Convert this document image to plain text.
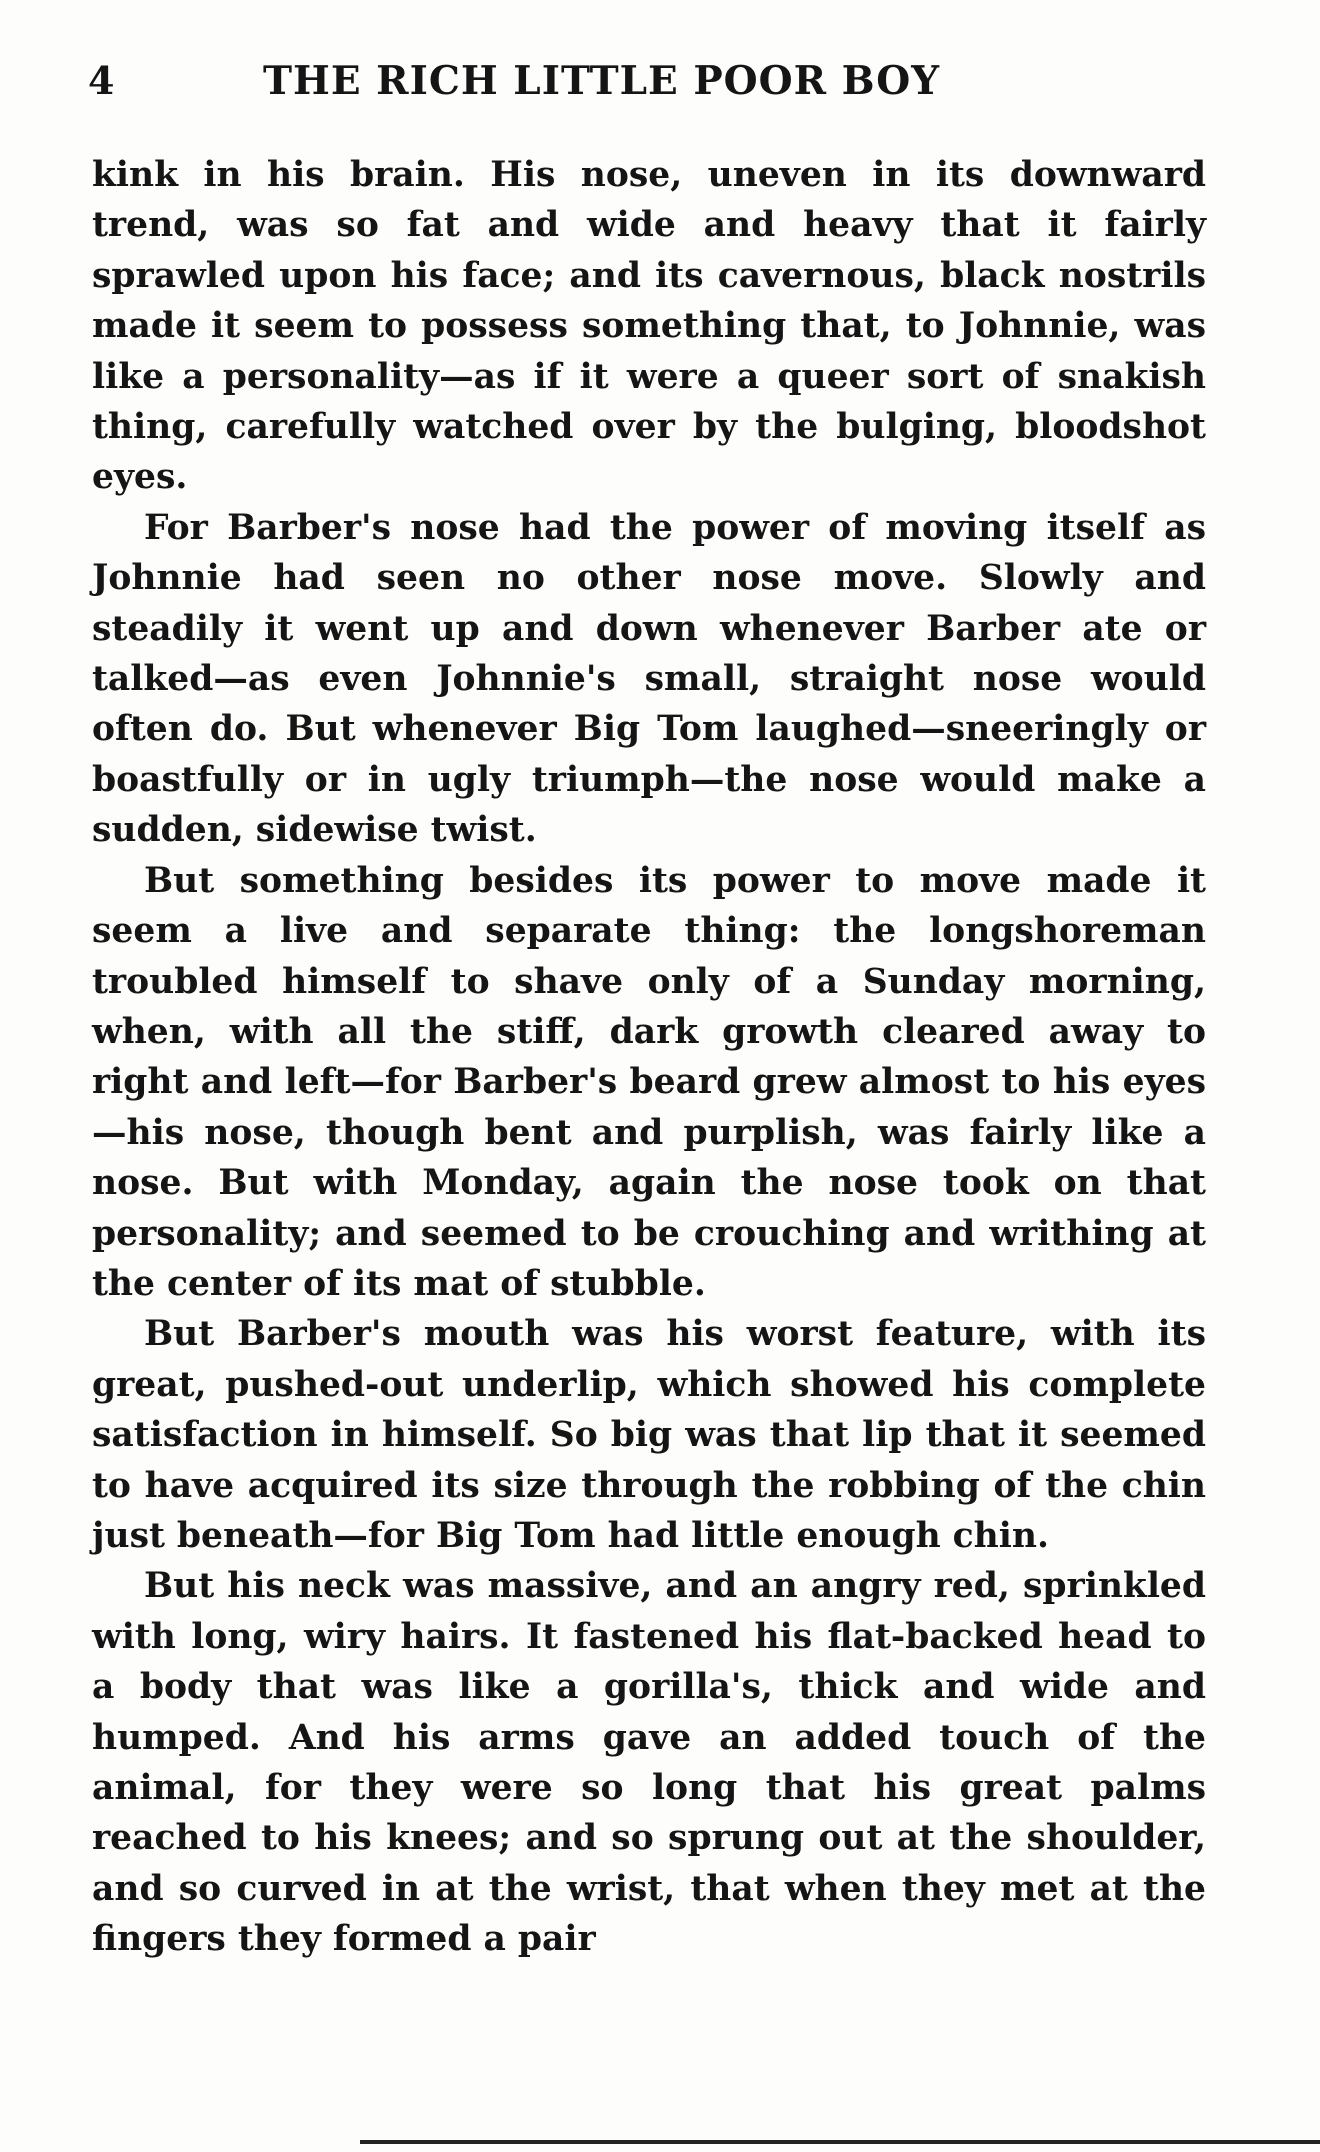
4	THE RICH LITTLE POOR BOY

kink in his brain. His nose, uneven in its downward trend, was so fat and wide and heavy that it fairly sprawled upon his face; and its cavernous, black nostrils made it seem to possess something that, to Johnnie, was like a personality—as if it were a queer sort of snakish thing, carefully watched over by the bulging, bloodshot eyes.

For Barber's nose had the power of moving itself as Johnnie had seen no other nose move. Slowly and steadily it went up and down whenever Barber ate or talked—as even Johnnie's small, straight nose would often do. But whenever Big Tom laughed—sneeringly or boastfully or in ugly triumph—the nose would make a sudden, sidewise twist.

But something besides its power to move made it seem a live and separate thing: the longshoreman troubled himself to shave only of a Sunday morning, when, with all the stiff, dark growth cleared away to right and left—for Barber's beard grew almost to his eyes—his nose, though bent and purplish, was fairly like a nose. But with Monday, again the nose took on that personality; and seemed to be crouching and writhing at the center of its mat of stubble.

But Barber's mouth was his worst feature, with its great, pushed-out underlip, which showed his complete satisfaction in himself. So big was that lip that it seemed to have acquired its size through the robbing of the chin just beneath—for Big Tom had little enough chin.

But his neck was massive, and an angry red, sprinkled with long, wiry hairs. It fastened his flat-backed head to a body that was like a gorilla's, thick and wide and humped. And his arms gave an added touch of the animal, for they were so long that his great palms reached to his knees; and so sprung out at the shoulder, and so curved in at the wrist, that when they met at the fingers they formed a pair
